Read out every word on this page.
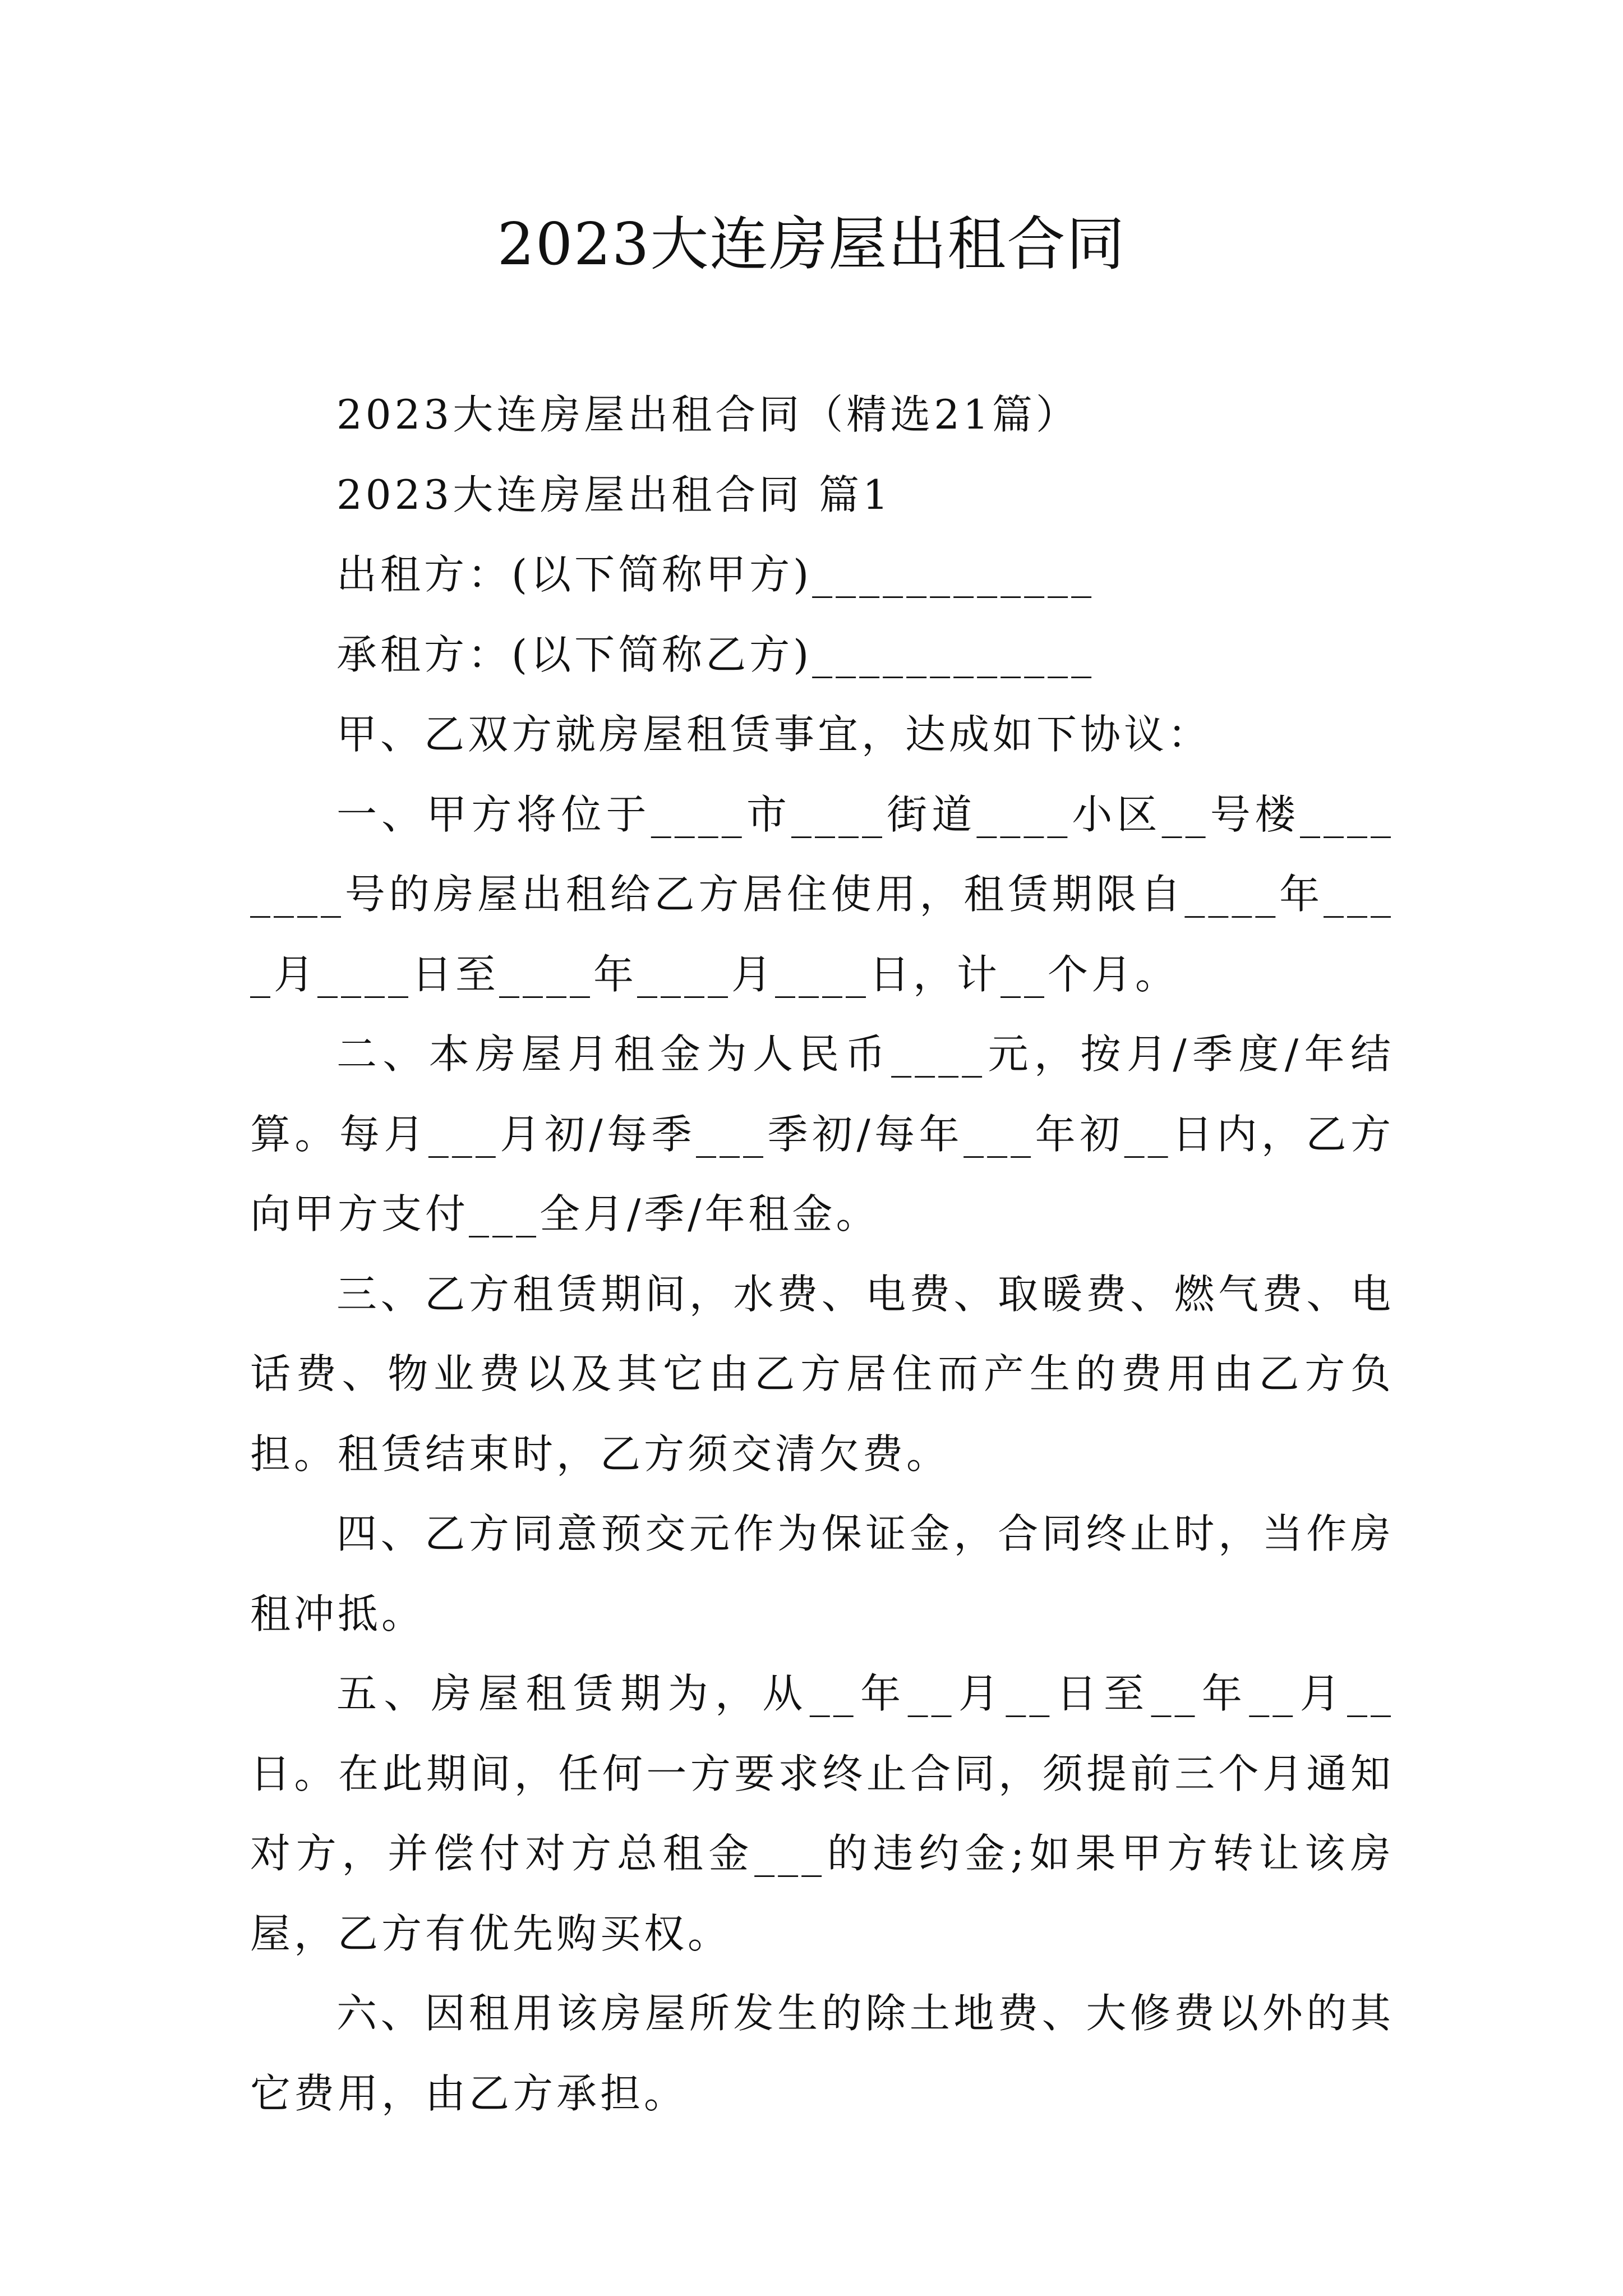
2023大连房屋出租合同

2023大连房屋出租合同（精选21篇）

2023大连房屋出租合同 篇1

出租方：(以下简称甲方)____________

承租方：(以下简称乙方)____________

甲、乙双方就房屋租赁事宜，达成如下协议：

一、甲方将位于____市____街道____小区__号楼________号的房屋出租给乙方居住使用，租赁期限自____年____月____日至____年____月____日，计__个月。

二、本房屋月租金为人民币____元，按月/季度/年结算。每月___月初/每季___季初/每年___年初__日内，乙方向甲方支付___全月/季/年租金。

三、乙方租赁期间，水费、电费、取暖费、燃气费、电话费、物业费以及其它由乙方居住而产生的费用由乙方负担。租赁结束时，乙方须交清欠费。

四、乙方同意预交元作为保证金，合同终止时，当作房租冲抵。

五、房屋租赁期为，从__年__月__日至__年__月__日。在此期间，任何一方要求终止合同，须提前三个月通知对方，并偿付对方总租金___的违约金;如果甲方转让该房屋，乙方有优先购买权。

六、因租用该房屋所发生的除土地费、大修费以外的其它费用，由乙方承担。
